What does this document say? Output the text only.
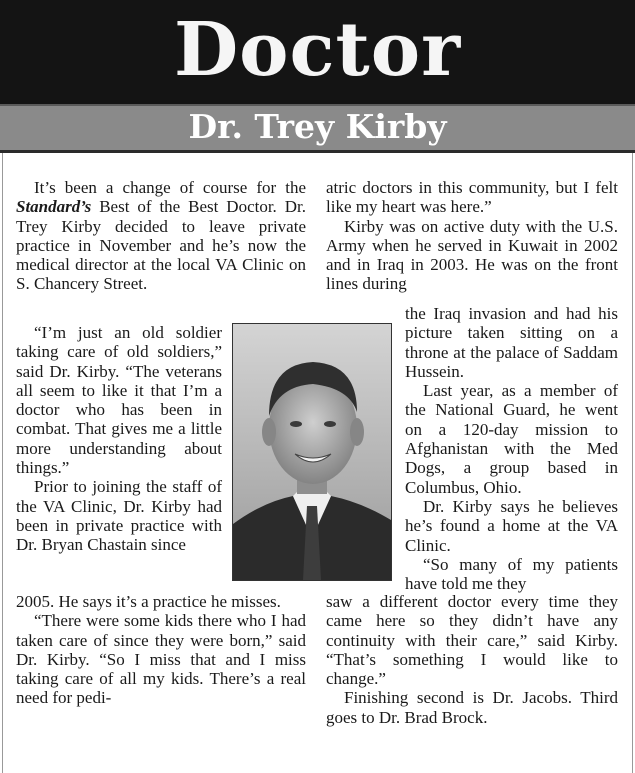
Doctor
Dr. Trey Kirby

It’s been a change of course for the Standard’s Best of the Best Doctor. Dr. Trey Kirby decided to leave private practice in November and he’s now the medical director at the local VA Clinic on S. Chancery Street.

“I’m just an old soldier taking care of old soldiers,” said Dr. Kirby. “The veterans all seem to like it that I’m a doctor who has been in combat. That gives me a little more understanding about things.”

Prior to joining the staff of the VA Clinic, Dr. Kirby had been in private practice with Dr. Bryan Chastain since

atric doctors in this community, but I felt like my heart was here.”

Kirby was on active duty with the U.S. Army when he served in Kuwait in 2002 and in Iraq in 2003. He was on the front lines during

the Iraq invasion and had his picture taken sitting on a throne at the palace of Saddam Hussein.

Last year, as a member of the National Guard, he went on a 120-day mission to Afghanistan with the Med Dogs, a group based in Columbus, Ohio.

Dr. Kirby says he believes he’s found a home at the VA Clinic.

“So many of my patients have told me they

2005. He says it’s a practice he misses.

“There were some kids there who I had taken care of since they were born,” said Dr. Kirby. “So I miss that and I miss taking care of all my kids. There’s a real need for pedi-

saw a different doctor every time they came here so they didn’t have any continuity with their care,” said Kirby. “That’s something I would like to change.”

Finishing second is Dr. Jacobs. Third goes to Dr. Brad Brock.
